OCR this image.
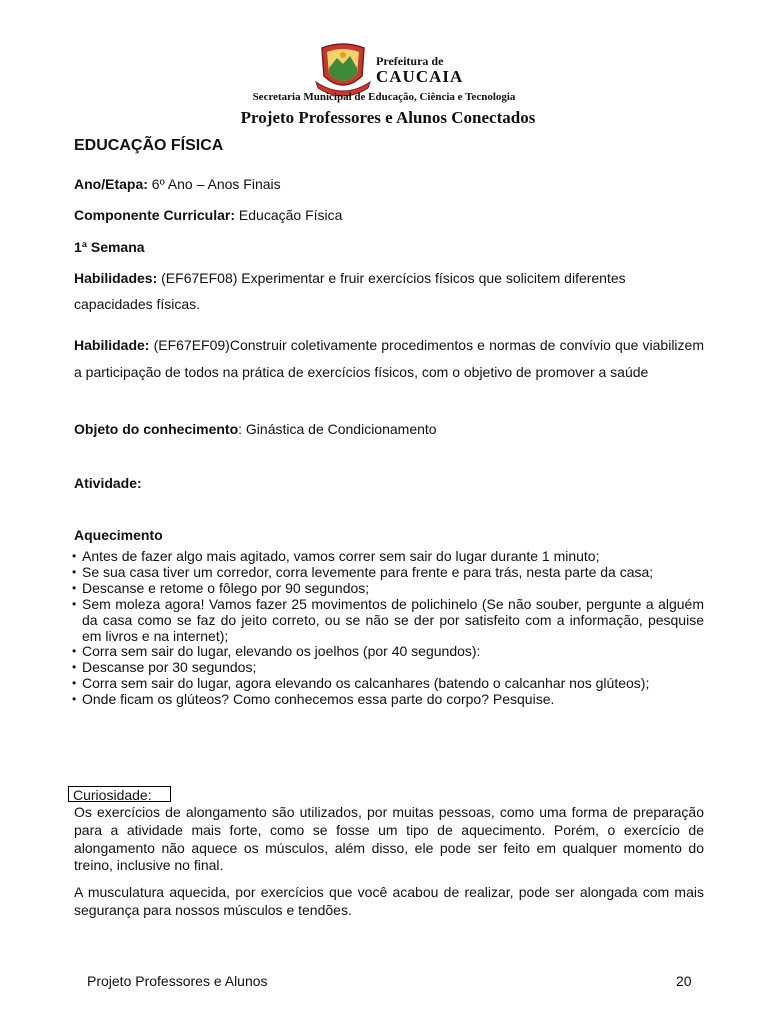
Prefeitura de
CAUCAIA
Secretaria Municipal de Educação, Ciência e Tecnologia
Projeto Professores e Alunos Conectados
EDUCAÇÃO FÍSICA
Ano/Etapa: 6º Ano – Anos Finais
Componente Curricular: Educação Física
1ª Semana
Habilidades: (EF67EF08) Experimentar e fruir exercícios físicos que solicitem diferentes
capacidades físicas.
Habilidade: (EF67EF09)Construir coletivamente procedimentos e normas de convívio que viabilizem a participação de todos na prática de exercícios físicos, com o objetivo de promover a saúde
Objeto do conhecimento: Ginástica de Condicionamento
Atividade:
Aquecimento
• Antes de fazer algo mais agitado, vamos correr sem sair do lugar durante 1 minuto;
• Se sua casa tiver um corredor, corra levemente para frente e para trás, nesta parte da casa;
• Descanse e retome o fôlego por 90 segundos;
• Sem moleza agora! Vamos fazer 25 movimentos de polichinelo (Se não souber, pergunte a alguém da casa como se faz do jeito correto, ou se não se der por satisfeito com a informação, pesquise em livros e na internet);
• Corra sem sair do lugar, elevando os joelhos (por 40 segundos):
• Descanse por 30 segundos;
• Corra sem sair do lugar, agora elevando os calcanhares (batendo o calcanhar nos glúteos);
• Onde ficam os glúteos? Como conhecemos essa parte do corpo? Pesquise.
Curiosidade:
Os exercícios de alongamento são utilizados, por muitas pessoas, como uma forma de preparação para a atividade mais forte, como se fosse um tipo de aquecimento. Porém, o exercício de alongamento não aquece os músculos, além disso, ele pode ser feito em qualquer momento do treino, inclusive no final.
A musculatura aquecida, por exercícios que você acabou de realizar, pode ser alongada com mais segurança para nossos músculos e tendões.
Projeto Professores e Alunos	20
